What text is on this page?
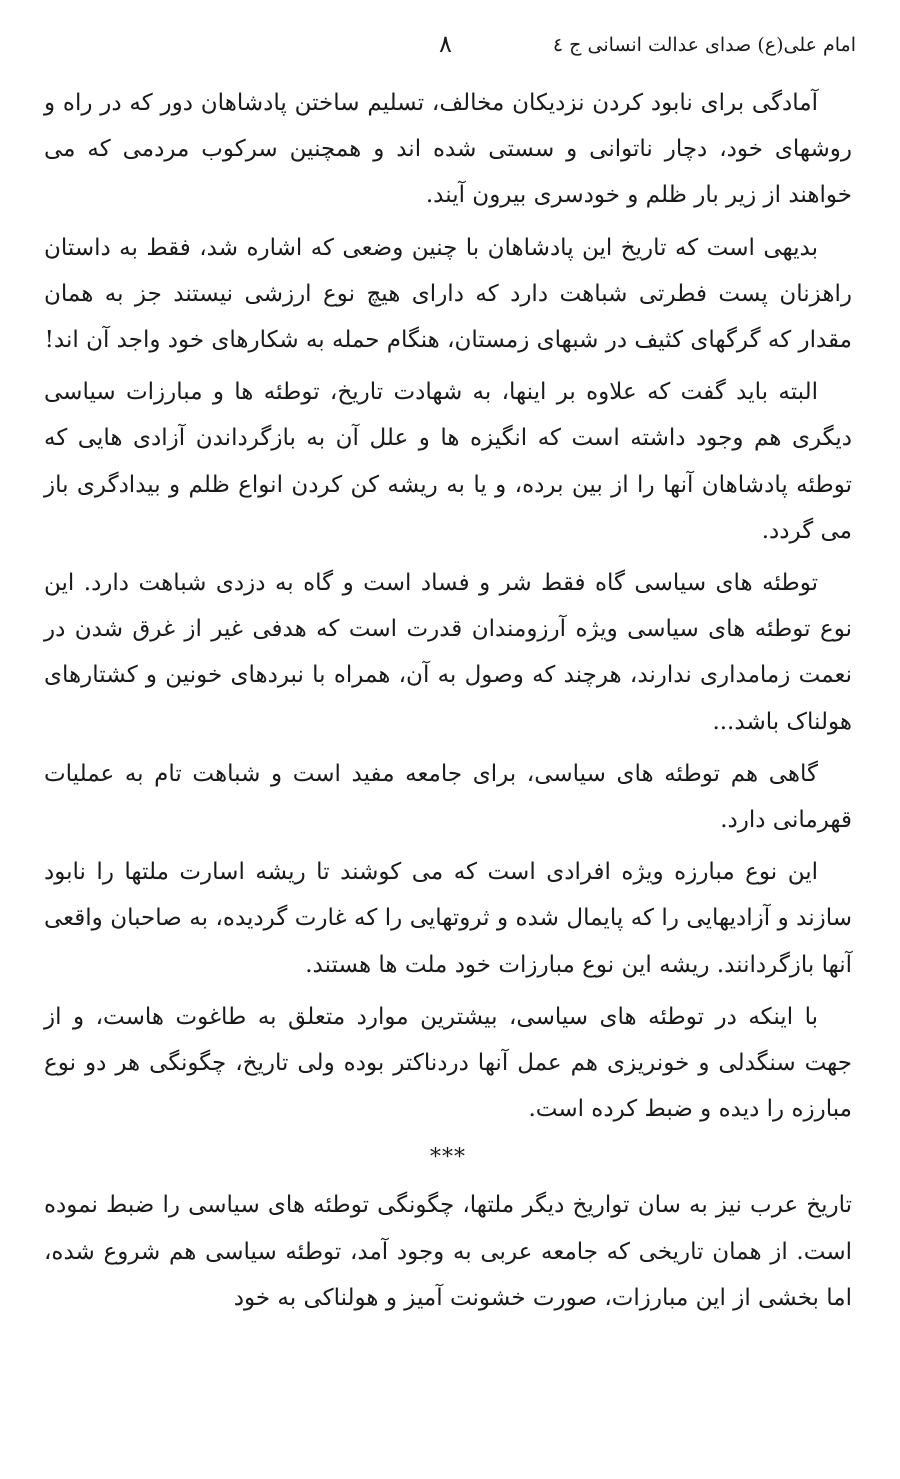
امام علی(ع) صدای عدالت انسانی ج ٤
۸

آمادگی برای نابود کردن نزدیکان مخالف، تسلیم ساختن پادشاهان دور که در راه و روشهای خود، دچار ناتوانی و سستی شده اند و همچنین سرکوب مردمی که می خواهند از زیر بار ظلم و خودسری بیرون آیند.

بدیهی است که تاریخ این پادشاهان با چنین وضعی که اشاره شد، فقط به داستان راهزنان پست فطرتی شباهت دارد که دارای هیچ نوع ارزشی نیستند جز به همان مقدار که گرگهای کثیف در شبهای زمستان، هنگام حمله به شکارهای خود واجد آن اند!

البته باید گفت که علاوه بر اینها، به شهادت تاریخ، توطئه ها و مبارزات سیاسی دیگری هم وجود داشته است که انگیزه ها و علل آن به بازگرداندن آزادی هایی که توطئه پادشاهان آنها را از بین برده، و یا به ریشه کن کردن انواع ظلم و بیدادگری باز می گردد.

توطئه های سیاسی گاه فقط شر و فساد است و گاه به دزدی شباهت دارد. این نوع توطئه های سیاسی ویژه آرزومندان قدرت است که هدفی غیر از غرق شدن در نعمت زمامداری ندارند، هرچند که وصول به آن، همراه با نبردهای خونین و کشتارهای هولناک باشد...

گاهی هم توطئه های سیاسی، برای جامعه مفید است و شباهت تام به عملیات قهرمانی دارد.

این نوع مبارزه ویژه افرادی است که می کوشند تا ریشه اسارت ملتها را نابود سازند و آزادیهایی را که پایمال شده و ثروتهایی را که غارت گردیده، به صاحبان واقعی آنها بازگردانند. ریشه این نوع مبارزات خود ملت ها هستند.

با اینکه در توطئه های سیاسی، بیشترین موارد متعلق به طاغوت هاست، و از جهت سنگدلی و خونریزی هم عمل آنها دردناکتر بوده ولی تاریخ، چگونگی هر دو نوع مبارزه را دیده و ضبط کرده است.

***

تاریخ عرب نیز به سان تواریخ دیگر ملتها، چگونگی توطئه های سیاسی را ضبط نموده است. از همان تاریخی که جامعه عربی به وجود آمد، توطئه سیاسی هم شروع شده، اما بخشی از این مبارزات، صورت خشونت آمیز و هولناکی به خود
